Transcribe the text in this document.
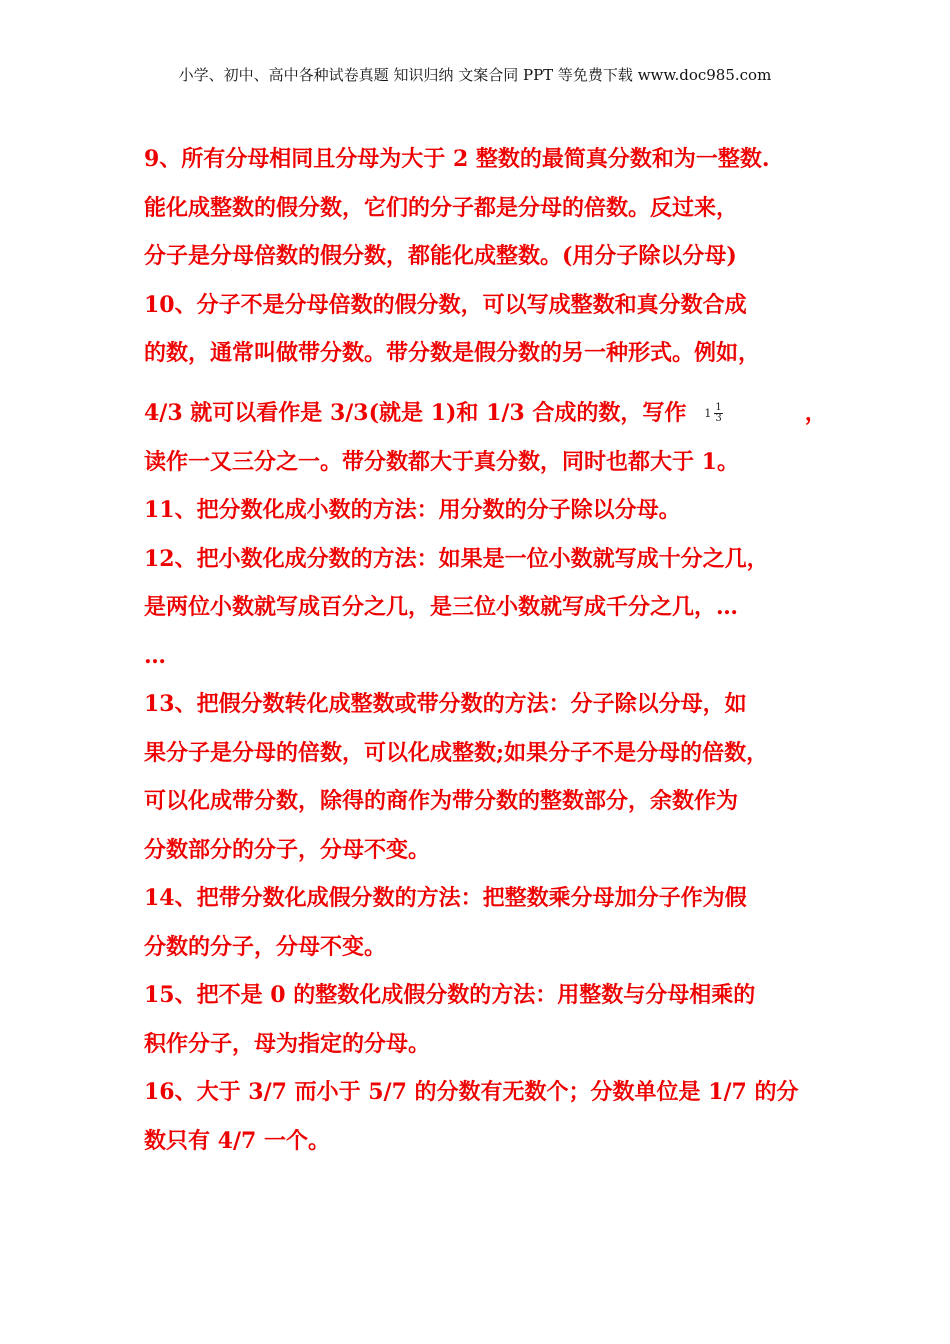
小学、初中、高中各种试卷真题 知识归纳 文案合同 PPT 等免费下载 www.doc985.com
9、所有分母相同且分母为大于 2 整数的最简真分数和为一整数.
能化成整数的假分数，它们的分子都是分母的倍数。反过来，
分子是分母倍数的假分数，都能化成整数。(用分子除以分母)
10、分子不是分母倍数的假分数，可以写成整数和真分数合成
的数，通常叫做带分数。带分数是假分数的另一种形式。例如，
4/3 就可以看作是 3/3(就是 1)和 1/3 合成的数，写作 $1 \frac{1}{3}$	，
读作一又三分之一。带分数都大于真分数，同时也都大于 1。
11、把分数化成小数的方法：用分数的分子除以分母。
12、把小数化成分数的方法：如果是一位小数就写成十分之几，
是两位小数就写成百分之几，是三位小数就写成千分之几，…
…
13、把假分数转化成整数或带分数的方法：分子除以分母，如
果分子是分母的倍数，可以化成整数;如果分子不是分母的倍数，
可以化成带分数，除得的商作为带分数的整数部分，余数作为
分数部分的分子，分母不变。
14、把带分数化成假分数的方法：把整数乘分母加分子作为假
分数的分子，分母不变。
15、把不是 0 的整数化成假分数的方法：用整数与分母相乘的
积作分子，母为指定的分母。
16、大于 3/7 而小于 5/7 的分数有无数个；分数单位是 1/7 的分
数只有 4/7 一个。
